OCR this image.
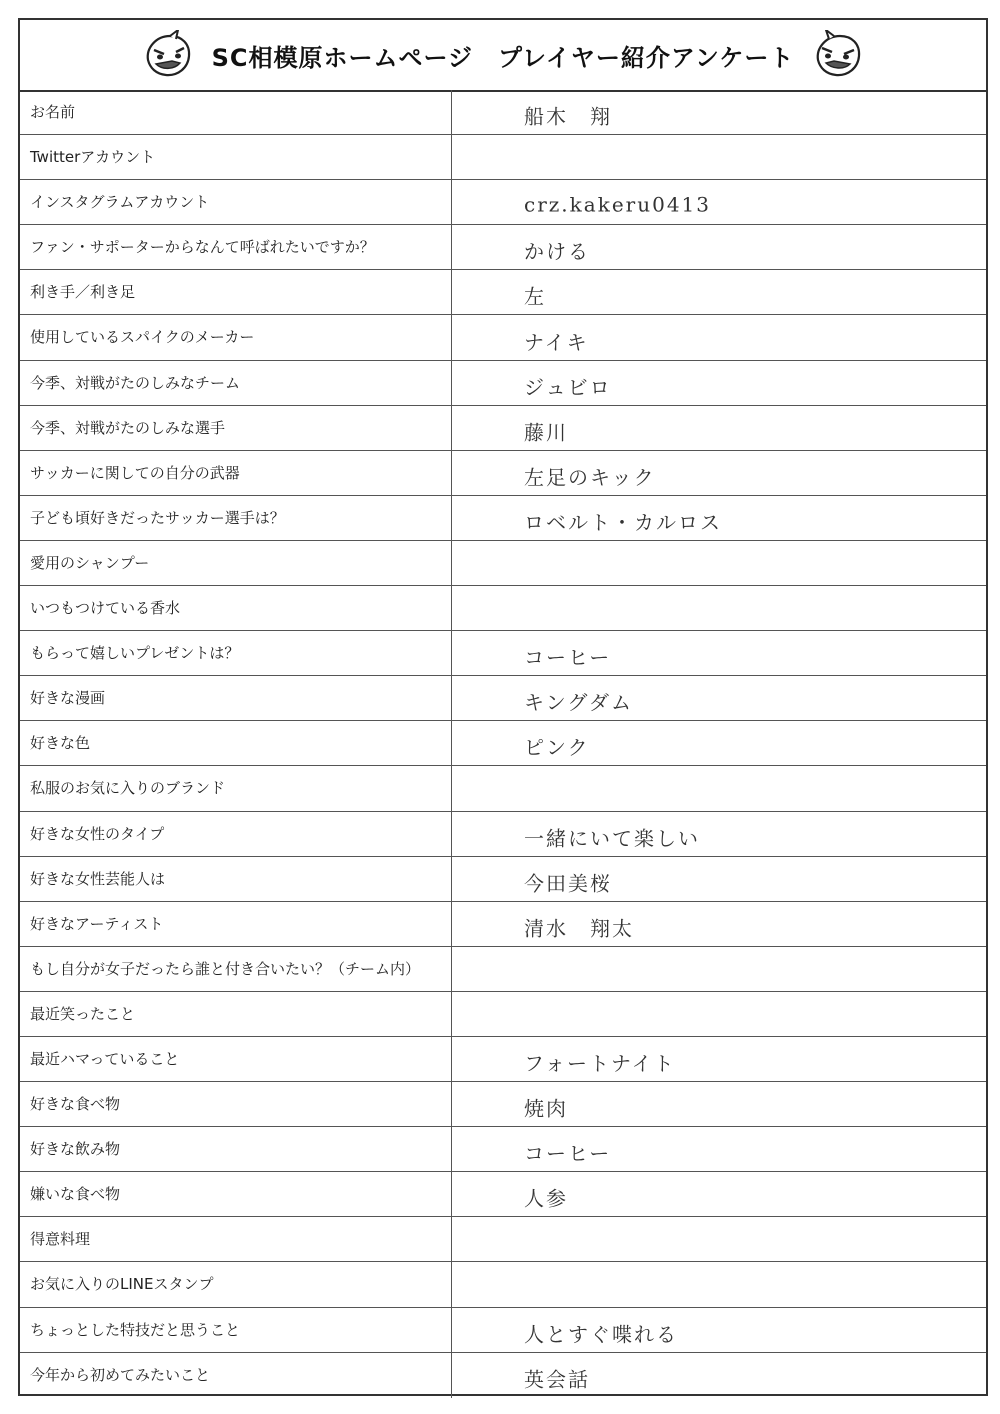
SC相模原ホームページ　プレイヤー紹介アンケート
お名前	船木　翔
Twitterアカウント
インスタグラムアカウント	crz.kakeru0413
ファン・サポーターからなんて呼ばれたいですか？	かける
利き手／利き足	左
使用しているスパイクのメーカー	ナイキ
今季、対戦がたのしみなチーム	ジュビロ
今季、対戦がたのしみな選手	藤川
サッカーに関しての自分の武器	左足のキック
子ども頃好きだったサッカー選手は？	ロベルト・カルロス
愛用のシャンプー
いつもつけている香水
もらって嬉しいプレゼントは？	コーヒー
好きな漫画	キングダム
好きな色	ピンク
私服のお気に入りのブランド
好きな女性のタイプ	一緒にいて楽しい
好きな女性芸能人は	今田美桜
好きなアーティスト	清水　翔太
もし自分が女子だったら誰と付き合いたい？（チーム内）
最近笑ったこと
最近ハマっていること	フォートナイト
好きな食べ物	焼肉
好きな飲み物	コーヒー
嫌いな食べ物	人参
得意料理
お気に入りのLINEスタンプ
ちょっとした特技だと思うこと	人とすぐ喋れる
今年から初めてみたいこと	英会話
